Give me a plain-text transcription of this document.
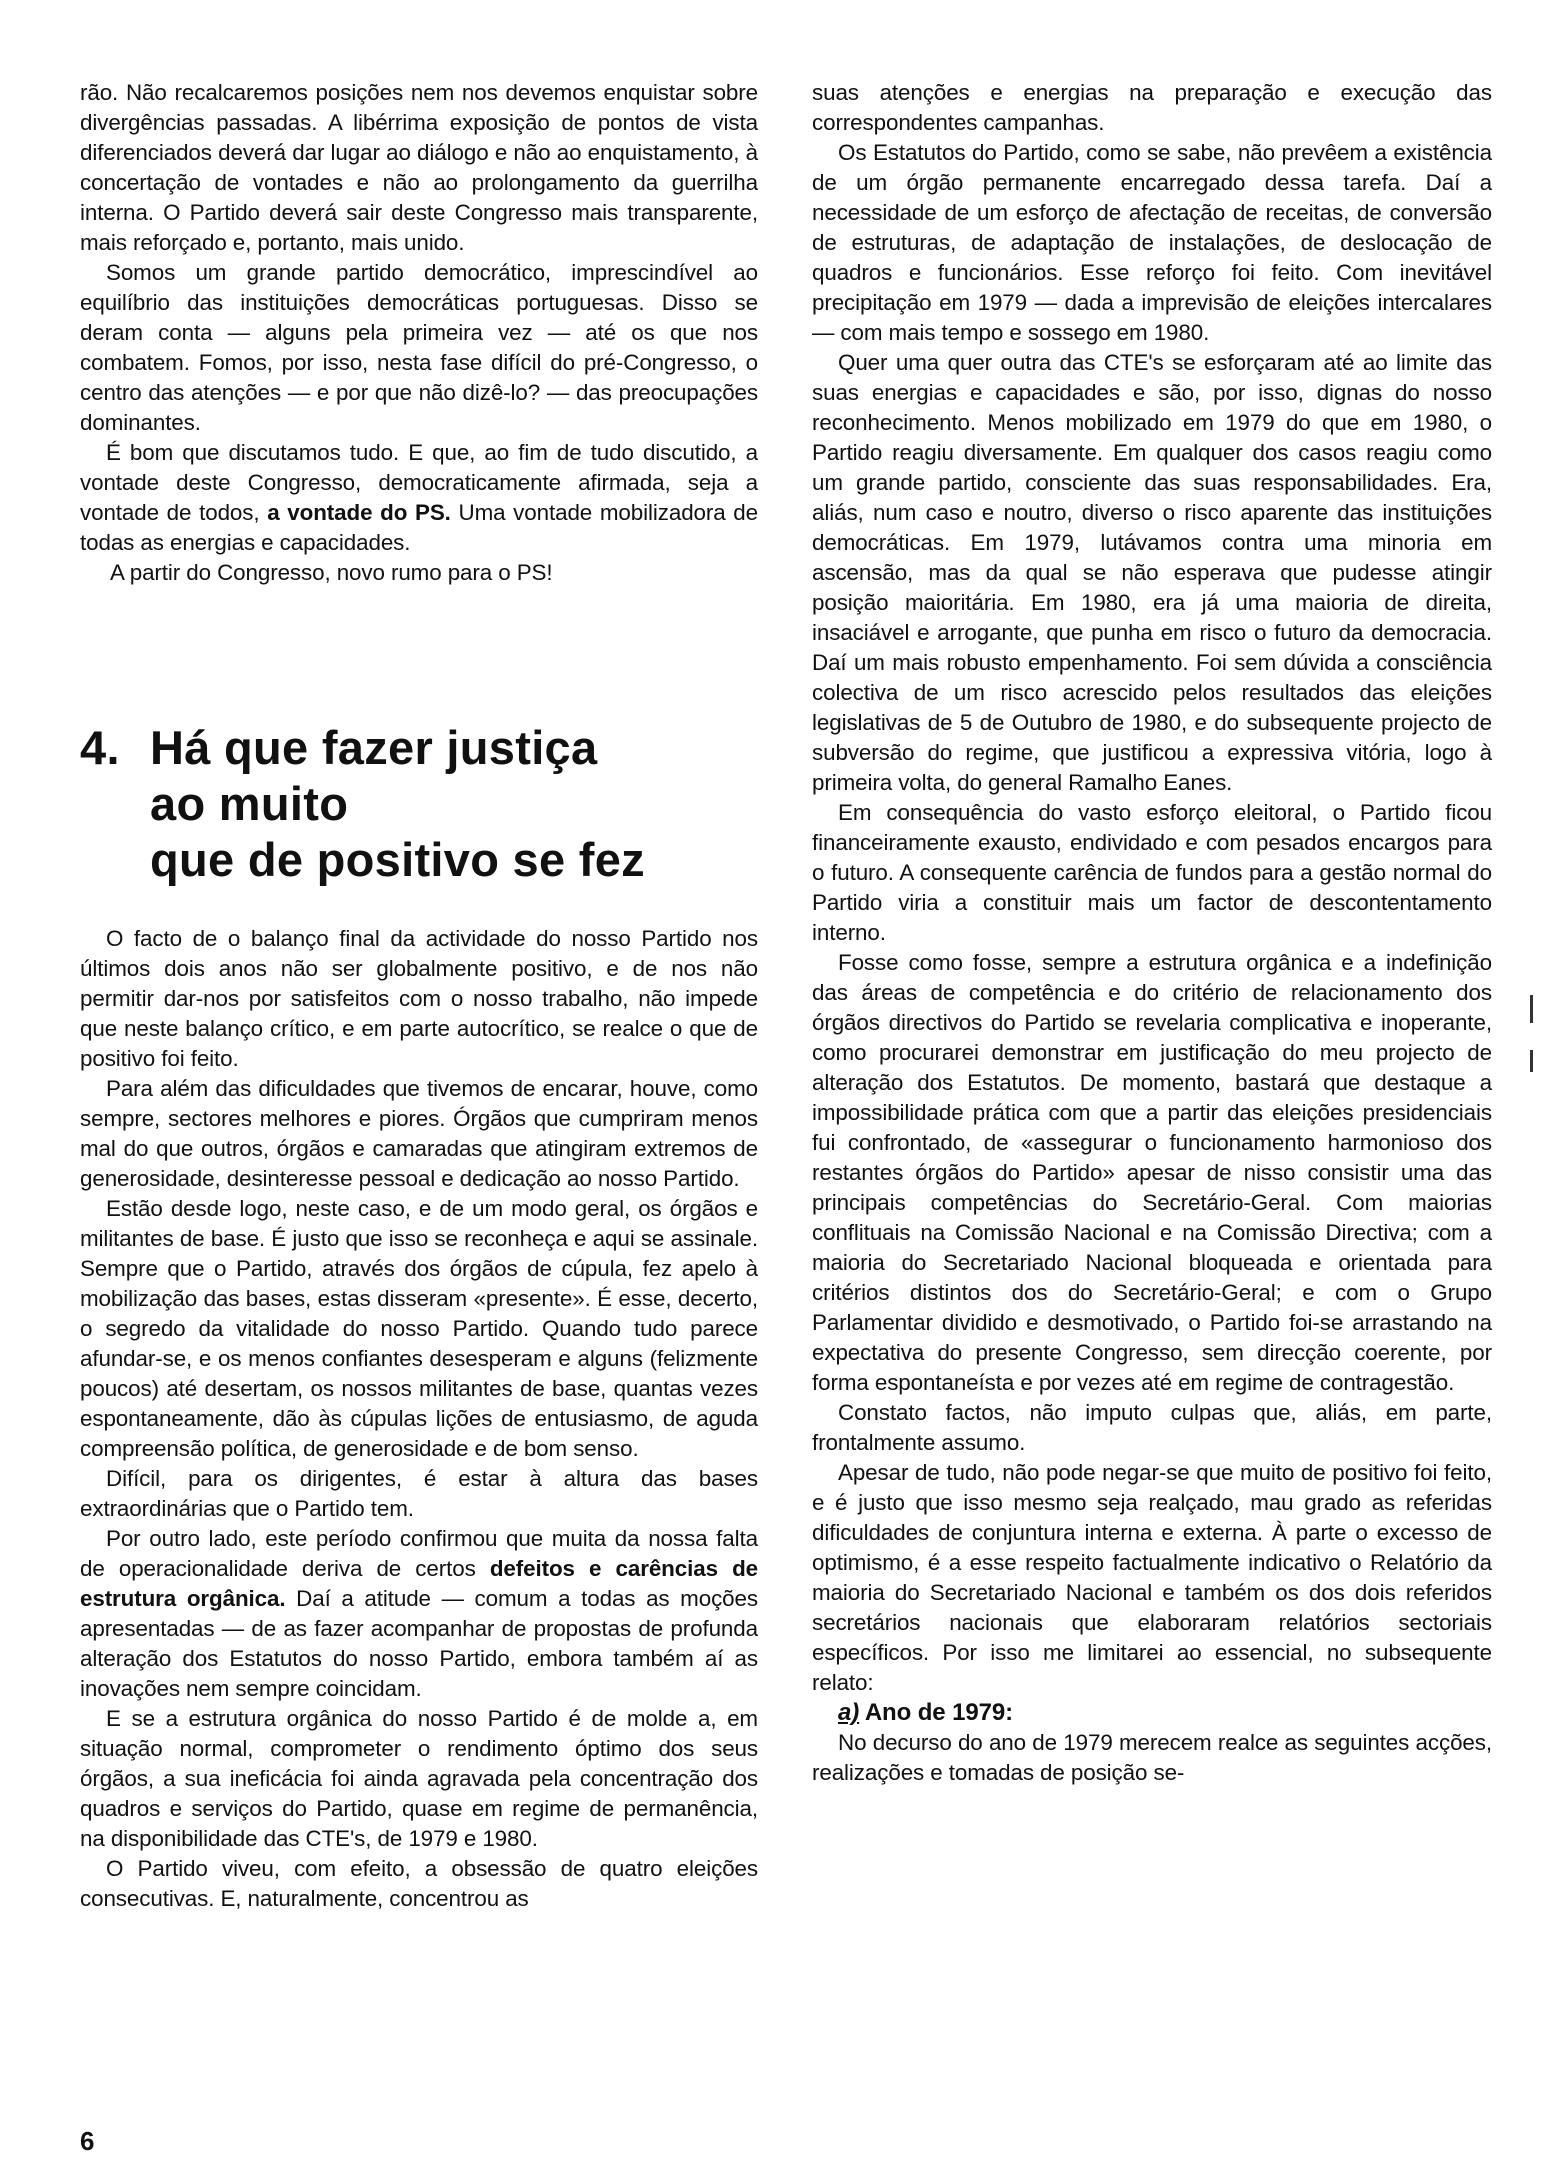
rão. Não recalcaremos posições nem nos devemos enquistar sobre divergências passadas. A libérrima exposição de pontos de vista diferenciados deverá dar lugar ao diálogo e não ao enquistamento, à concertação de vontades e não ao prolongamento da guerrilha interna. O Partido deverá sair deste Congresso mais transparente, mais reforçado e, portanto, mais unido.

Somos um grande partido democrático, imprescindível ao equilíbrio das instituições democráticas portuguesas. Disso se deram conta — alguns pela primeira vez — até os que nos combatem. Fomos, por isso, nesta fase difícil do pré-Congresso, o centro das atenções — e por que não dizê-lo? — das preocupações dominantes.

É bom que discutamos tudo. E que, ao fim de tudo discutido, a vontade deste Congresso, democraticamente afirmada, seja a vontade de todos, a vontade do PS. Uma vontade mobilizadora de todas as energias e capacidades.

A partir do Congresso, novo rumo para o PS!

4. Há que fazer justiça
ao muito
que de positivo se fez

O facto de o balanço final da actividade do nosso Partido nos últimos dois anos não ser globalmente positivo, e de nos não permitir dar-nos por satisfeitos com o nosso trabalho, não impede que neste balanço crítico, e em parte autocrítico, se realce o que de positivo foi feito.

Para além das dificuldades que tivemos de encarar, houve, como sempre, sectores melhores e piores. Órgãos que cumpriram menos mal do que outros, órgãos e camaradas que atingiram extremos de generosidade, desinteresse pessoal e dedicação ao nosso Partido.

Estão desde logo, neste caso, e de um modo geral, os órgãos e militantes de base. É justo que isso se reconheça e aqui se assinale. Sempre que o Partido, através dos órgãos de cúpula, fez apelo à mobilização das bases, estas disseram «presente». É esse, decerto, o segredo da vitalidade do nosso Partido. Quando tudo parece afundar-se, e os menos confiantes desesperam e alguns (felizmente poucos) até desertam, os nossos militantes de base, quantas vezes espontaneamente, dão às cúpulas lições de entusiasmo, de aguda compreensão política, de generosidade e de bom senso.

Difícil, para os dirigentes, é estar à altura das bases extraordinárias que o Partido tem.

Por outro lado, este período confirmou que muita da nossa falta de operacionalidade deriva de certos defeitos e carências de estrutura orgânica. Daí a atitude — comum a todas as moções apresentadas — de as fazer acompanhar de propostas de profunda alteração dos Estatutos do nosso Partido, embora também aí as inovações nem sempre coincidam.

E se a estrutura orgânica do nosso Partido é de molde a, em situação normal, comprometer o rendimento óptimo dos seus órgãos, a sua ineficácia foi ainda agravada pela concentração dos quadros e serviços do Partido, quase em regime de permanência, na disponibilidade das CTE's, de 1979 e 1980.

O Partido viveu, com efeito, a obsessão de quatro eleições consecutivas. E, naturalmente, concentrou as

suas atenções e energias na preparação e execução das correspondentes campanhas.

Os Estatutos do Partido, como se sabe, não prevêem a existência de um órgão permanente encarregado dessa tarefa. Daí a necessidade de um esforço de afectação de receitas, de conversão de estruturas, de adaptação de instalações, de deslocação de quadros e funcionários. Esse reforço foi feito. Com inevitável precipitação em 1979 — dada a imprevisão de eleições intercalares — com mais tempo e sossego em 1980.

Quer uma quer outra das CTE's se esforçaram até ao limite das suas energias e capacidades e são, por isso, dignas do nosso reconhecimento. Menos mobilizado em 1979 do que em 1980, o Partido reagiu diversamente. Em qualquer dos casos reagiu como um grande partido, consciente das suas responsabilidades. Era, aliás, num caso e noutro, diverso o risco aparente das instituições democráticas. Em 1979, lutávamos contra uma minoria em ascensão, mas da qual se não esperava que pudesse atingir posição maioritária. Em 1980, era já uma maioria de direita, insaciável e arrogante, que punha em risco o futuro da democracia. Daí um mais robusto empenhamento. Foi sem dúvida a consciência colectiva de um risco acrescido pelos resultados das eleições legislativas de 5 de Outubro de 1980, e do subsequente projecto de subversão do regime, que justificou a expressiva vitória, logo à primeira volta, do general Ramalho Eanes.

Em consequência do vasto esforço eleitoral, o Partido ficou financeiramente exausto, endividado e com pesados encargos para o futuro. A consequente carência de fundos para a gestão normal do Partido viria a constituir mais um factor de descontentamento interno.

Fosse como fosse, sempre a estrutura orgânica e a indefinição das áreas de competência e do critério de relacionamento dos órgãos directivos do Partido se revelaria complicativa e inoperante, como procurarei demonstrar em justificação do meu projecto de alteração dos Estatutos. De momento, bastará que destaque a impossibilidade prática com que a partir das eleições presidenciais fui confrontado, de «assegurar o funcionamento harmonioso dos restantes órgãos do Partido» apesar de nisso consistir uma das principais competências do Secretário-Geral. Com maiorias conflituais na Comissão Nacional e na Comissão Directiva; com a maioria do Secretariado Nacional bloqueada e orientada para critérios distintos dos do Secretário-Geral; e com o Grupo Parlamentar dividido e desmotivado, o Partido foi-se arrastando na expectativa do presente Congresso, sem direcção coerente, por forma espontaneísta e por vezes até em regime de contragestão.

Constato factos, não imputo culpas que, aliás, em parte, frontalmente assumo.

Apesar de tudo, não pode negar-se que muito de positivo foi feito, e é justo que isso mesmo seja realçado, mau grado as referidas dificuldades de conjuntura interna e externa. À parte o excesso de optimismo, é a esse respeito factualmente indicativo o Relatório da maioria do Secretariado Nacional e também os dos dois referidos secretários nacionais que elaboraram relatórios sectoriais específicos. Por isso me limitarei ao essencial, no subsequente relato:

a) Ano de 1979:

No decurso do ano de 1979 merecem realce as seguintes acções, realizações e tomadas de posição se-

6
